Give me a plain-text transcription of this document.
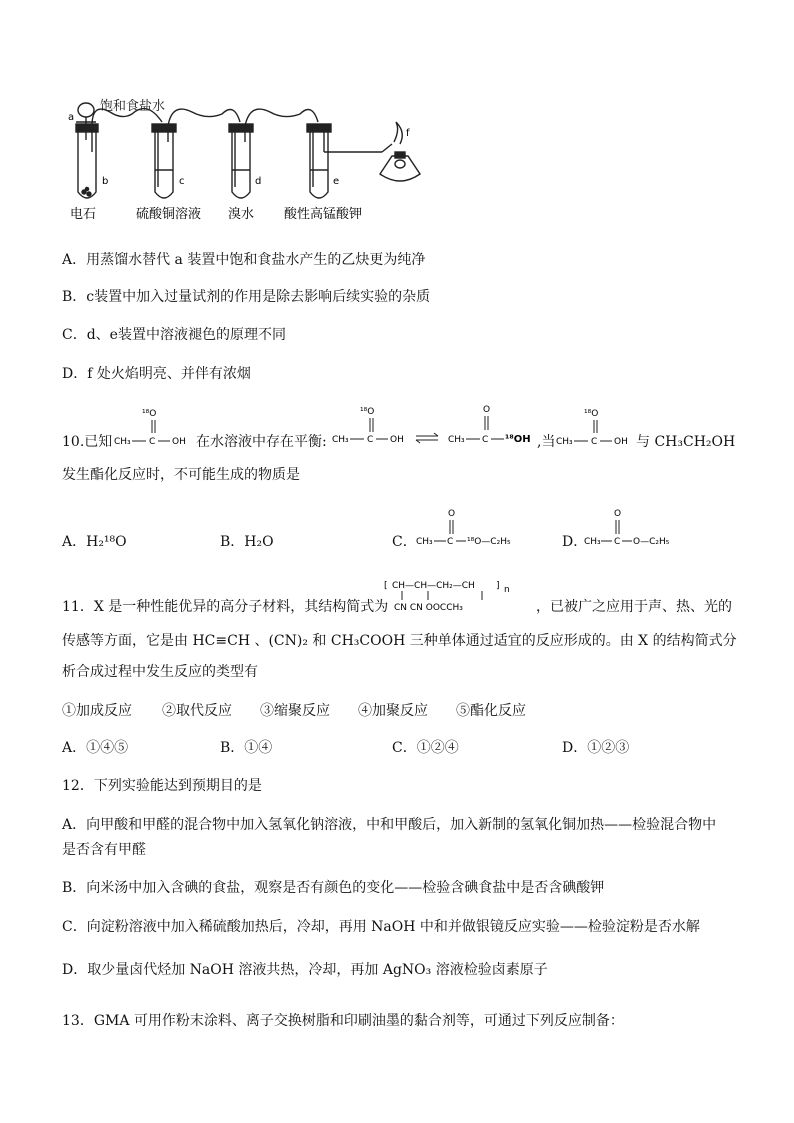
饱和食盐水
a
b	c	d	e
f
电石	硫酸铜溶液 溴水 酸性高锰酸钾
A．用蒸馏水替代 a 装置中饱和食盐水产生的乙炔更为纯净
B．c装置中加入过量试剂的作用是除去影响后续实验的杂质
C．d、e装置中溶液褪色的原理不同
D．f 处火焰明亮、并伴有浓烟
10.已知
¹⁸O
CH₃ C OH 在水溶液中存在平衡:
¹⁸O
CH₃ C OH
O
CH₃ C ¹⁸OH ,当
¹⁸O
CH₃ C OH 与 CH₃CH₂OH
发生酯化反应时，不可能生成的物质是
A．H₂¹⁸O	B．H₂O	C．
O
CH₃ C ¹⁸O—C₂H₅	D．
O
CH₃ C O—C₂H₅
11．X 是一种性能优异的高分子材料，其结构简式为
[ CH—CH—CH₂—CH ] n
CN CN OOCCH₃	，已被广之应用于声、热、光的
传感等方面，它是由 HC≡CH 、(CN)₂ 和 CH₃COOH 三种单体通过适宜的反应形成的。由 X 的结构简式分
析合成过程中发生反应的类型有
①加成反应 ②取代反应 ③缩聚反应 ④加聚反应 ⑤酯化反应
A．①④⑤	B．①④	C．①②④	D．①②③
12．下列实验能达到预期目的是
A．向甲酸和甲醛的混合物中加入氢氧化钠溶液，中和甲酸后，加入新制的氢氧化铜加热——检验混合物中
是否含有甲醛
B．向米汤中加入含碘的食盐，观察是否有颜色的变化——检验含碘食盐中是否含碘酸钾
C．向淀粉溶液中加入稀硫酸加热后，冷却，再用 NaOH 中和并做银镜反应实验——检验淀粉是否水解
D．取少量卤代烃加 NaOH 溶液共热，冷却，再加 AgNO₃ 溶液检验卤素原子
13．GMA 可用作粉末涂料、离子交换树脂和印刷油墨的黏合剂等，可通过下列反应制备：
